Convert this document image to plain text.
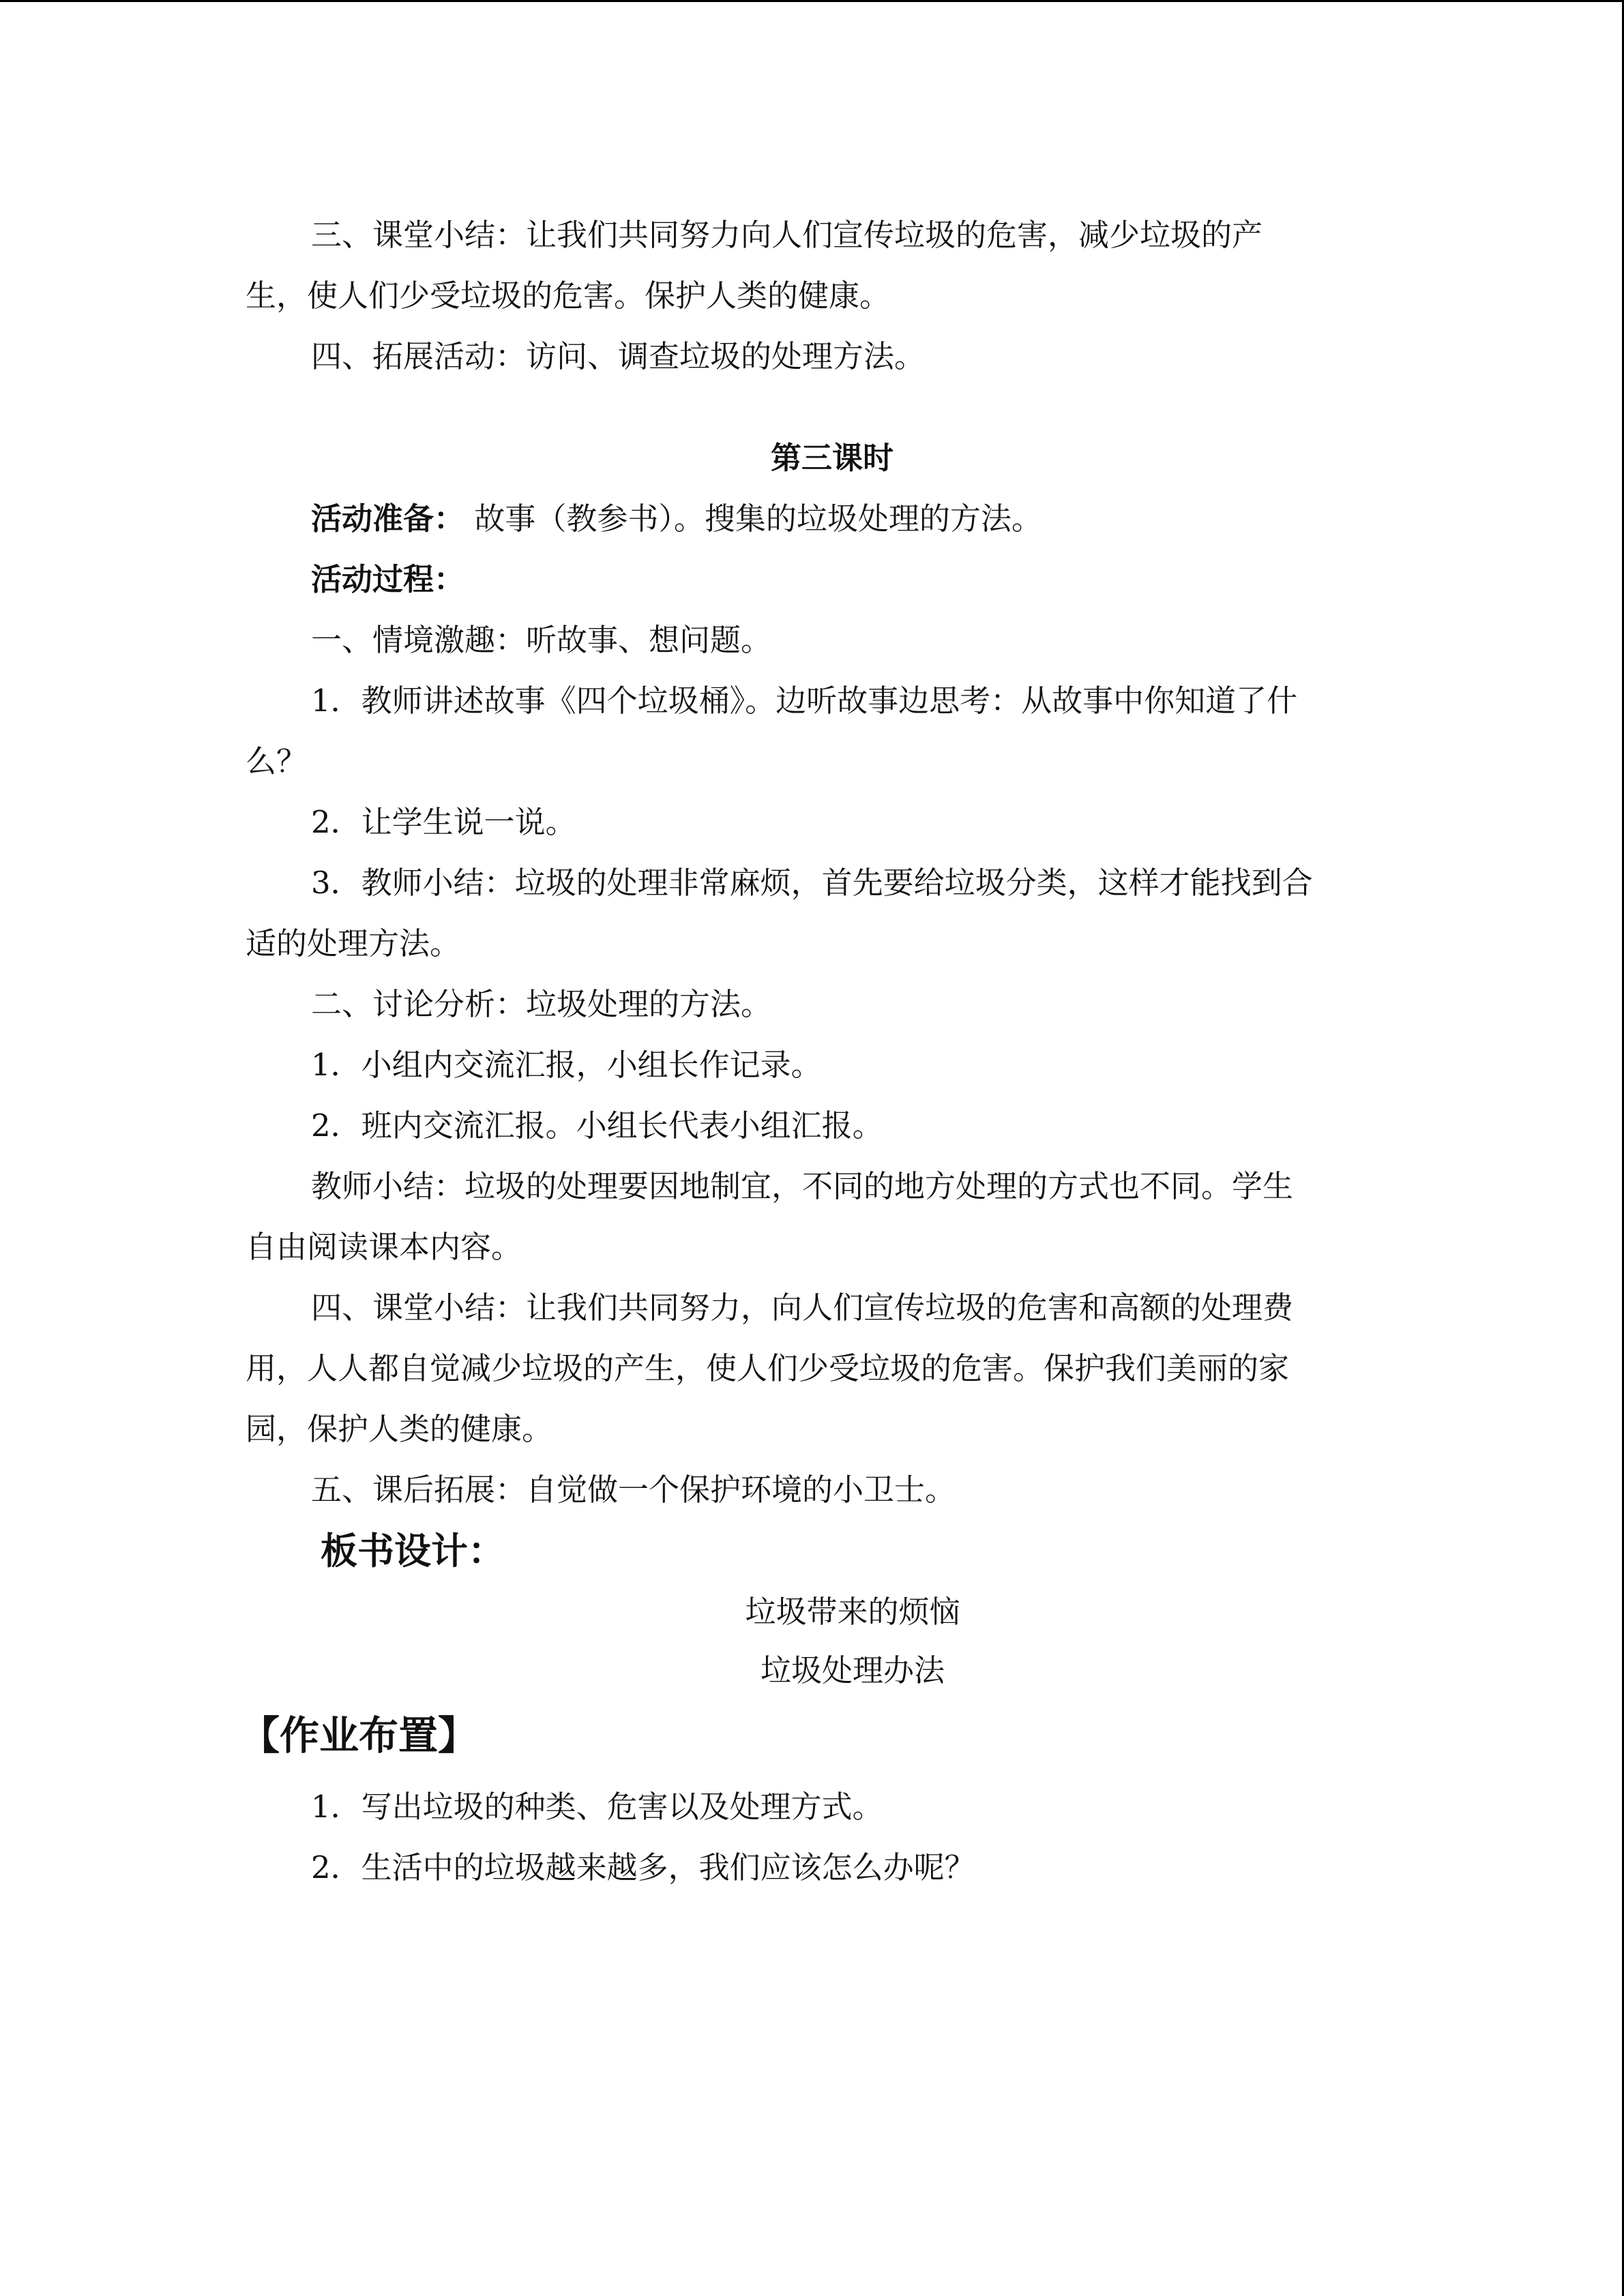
三、课堂小结：让我们共同努力向人们宣传垃圾的危害，减少垃圾的产

生，使人们少受垃圾的危害。保护人类的健康。

四、拓展活动：访问、调查垃圾的处理方法。

第三课时

活动准备： 故事（教参书）。搜集的垃圾处理的方法。

活动过程：

一、情境激趣：听故事、想问题。

1．教师讲述故事《四个垃圾桶》。边听故事边思考：从故事中你知道了什

么？

2．让学生说一说。

3．教师小结：垃圾的处理非常麻烦，首先要给垃圾分类，这样才能找到合

适的处理方法。

二、讨论分析：垃圾处理的方法。

1．小组内交流汇报，小组长作记录。

2．班内交流汇报。小组长代表小组汇报。

教师小结：垃圾的处理要因地制宜，不同的地方处理的方式也不同。学生

自由阅读课本内容。

四、课堂小结：让我们共同努力，向人们宣传垃圾的危害和高额的处理费

用，人人都自觉减少垃圾的产生，使人们少受垃圾的危害。保护我们美丽的家

园，保护人类的健康。

五、课后拓展：自觉做一个保护环境的小卫士。

板书设计：

垃圾带来的烦恼

垃圾处理办法

【作业布置】

1．写出垃圾的种类、危害以及处理方式。

2．生活中的垃圾越来越多，我们应该怎么办呢？
